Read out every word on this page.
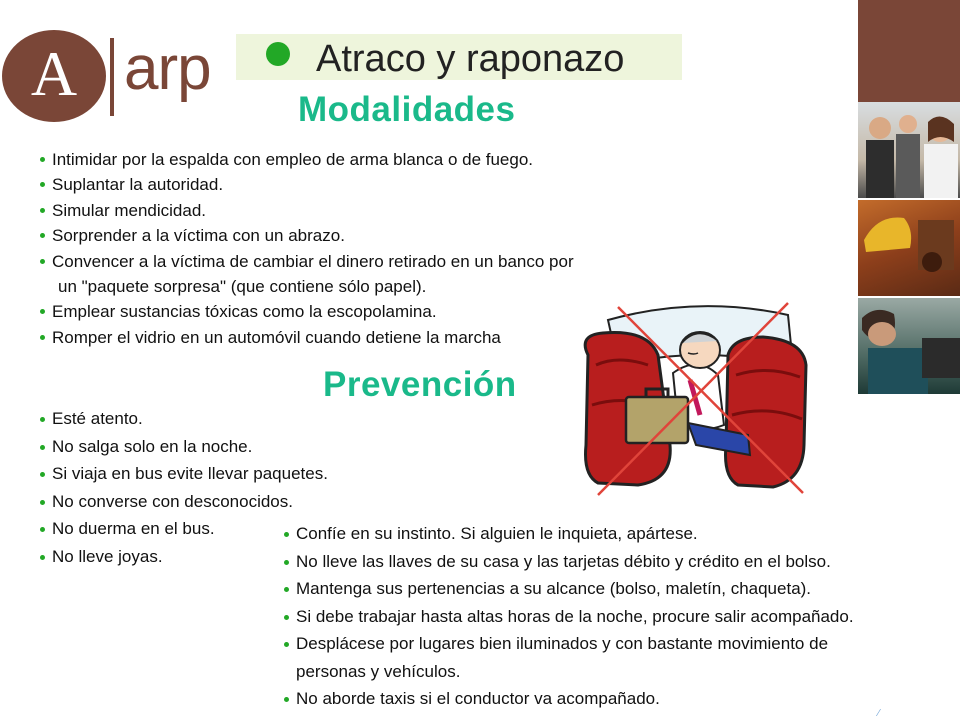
A arp	Atraco y raponazo
Modalidades
Intimidar por la espalda con empleo de arma blanca o de fuego.
Suplantar la autoridad.
Simular mendicidad.
Sorprender a la víctima con un abrazo.
Convencer a la víctima de cambiar el dinero retirado en un banco por
un "paquete sorpresa" (que contiene sólo papel).
Emplear sustancias tóxicas como la escopolamina.
Romper el vidrio en un automóvil cuando detiene la marcha
Prevención
Esté atento.
No salga solo en la noche.
Si viaja en bus evite llevar paquetes.
No converse con desconocidos.
No duerma en el bus.
No lleve joyas.
Confíe en su instinto. Si alguien le inquieta, apártese.
No lleve las llaves de su casa y las tarjetas débito y crédito en el bolso.
Mantenga sus pertenencias a su alcance (bolso, maletín, chaqueta).
Si debe trabajar hasta altas horas de la noche, procure salir acompañado.
Desplácese por lugares bien iluminados y con bastante movimiento de
personas y vehículos.
No aborde taxis si el conductor va acompañado.
⁄
